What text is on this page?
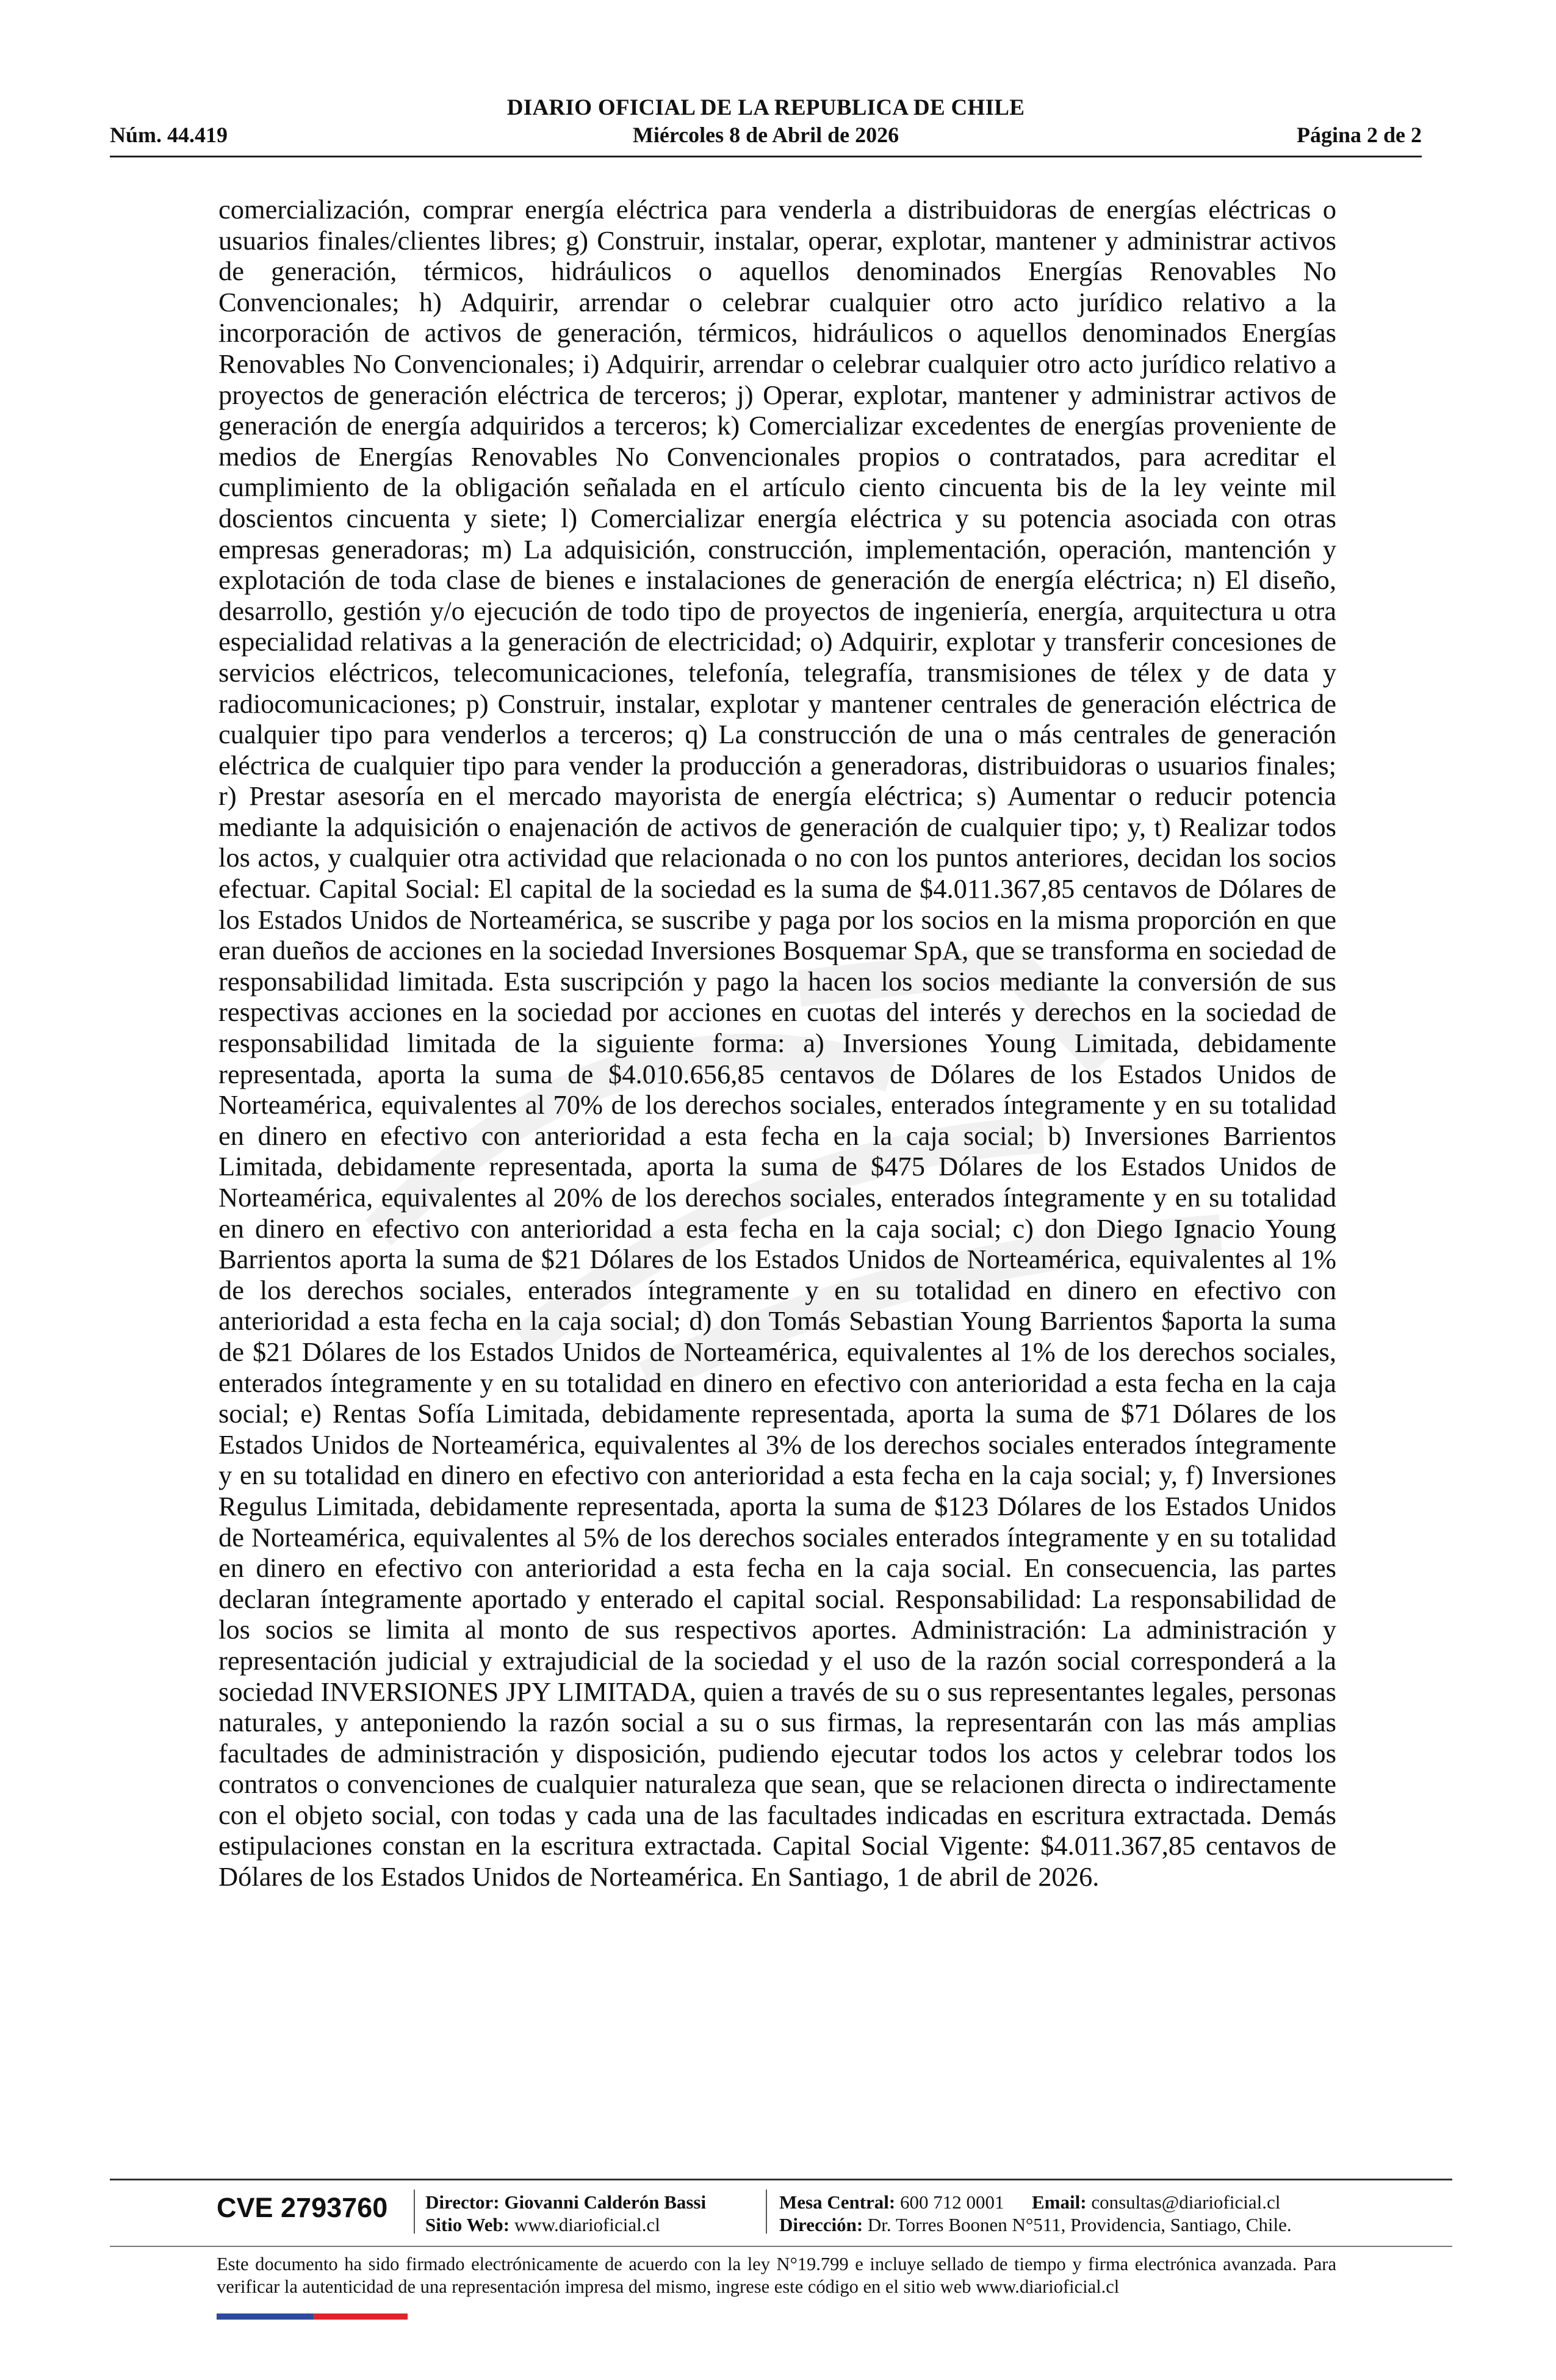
DIARIO OFICIAL DE LA REPUBLICA DE CHILE
Núm. 44.419	Miércoles 8 de Abril de 2026	Página 2 de 2
comercialización, comprar energía eléctrica para venderla a distribuidoras de energías eléctricas o usuarios finales/clientes libres; g) Construir, instalar, operar, explotar, mantener y administrar activos de generación, térmicos, hidráulicos o aquellos denominados Energías Renovables No Convencionales; h) Adquirir, arrendar o celebrar cualquier otro acto jurídico relativo a la incorporación de activos de generación, térmicos, hidráulicos o aquellos denominados Energías Renovables No Convencionales; i) Adquirir, arrendar o celebrar cualquier otro acto jurídico relativo a proyectos de generación eléctrica de terceros; j) Operar, explotar, mantener y administrar activos de generación de energía adquiridos a terceros; k) Comercializar excedentes de energías proveniente de medios de Energías Renovables No Convencionales propios o contratados, para acreditar el cumplimiento de la obligación señalada en el artículo ciento cincuenta bis de la ley veinte mil doscientos cincuenta y siete; l) Comercializar energía eléctrica y su potencia asociada con otras empresas generadoras; m) La adquisición, construcción, implementación, operación, mantención y explotación de toda clase de bienes e instalaciones de generación de energía eléctrica; n) El diseño, desarrollo, gestión y/o ejecución de todo tipo de proyectos de ingeniería, energía, arquitectura u otra especialidad relativas a la generación de electricidad; o) Adquirir, explotar y transferir concesiones de servicios eléctricos, telecomunicaciones, telefonía, telegrafía, transmisiones de télex y de data y radiocomunicaciones; p) Construir, instalar, explotar y mantener centrales de generación eléctrica de cualquier tipo para venderlos a terceros; q) La construcción de una o más centrales de generación eléctrica de cualquier tipo para vender la producción a generadoras, distribuidoras o usuarios finales; r) Prestar asesoría en el mercado mayorista de energía eléctrica; s) Aumentar o reducir potencia mediante la adquisición o enajenación de activos de generación de cualquier tipo; y, t) Realizar todos los actos, y cualquier otra actividad que relacionada o no con los puntos anteriores, decidan los socios efectuar. Capital Social: El capital de la sociedad es la suma de $4.011.367,85 centavos de Dólares de los Estados Unidos de Norteamérica, se suscribe y paga por los socios en la misma proporción en que eran dueños de acciones en la sociedad Inversiones Bosquemar SpA, que se transforma en sociedad de responsabilidad limitada. Esta suscripción y pago la hacen los socios mediante la conversión de sus respectivas acciones en la sociedad por acciones en cuotas del interés y derechos en la sociedad de responsabilidad limitada de la siguiente forma: a) Inversiones Young Limitada, debidamente representada, aporta la suma de $4.010.656,85 centavos de Dólares de los Estados Unidos de Norteamérica, equivalentes al 70% de los derechos sociales, enterados íntegramente y en su totalidad en dinero en efectivo con anterioridad a esta fecha en la caja social; b) Inversiones Barrientos Limitada, debidamente representada, aporta la suma de $475 Dólares de los Estados Unidos de Norteamérica, equivalentes al 20% de los derechos sociales, enterados íntegramente y en su totalidad en dinero en efectivo con anterioridad a esta fecha en la caja social; c) don Diego Ignacio Young Barrientos aporta la suma de $21 Dólares de los Estados Unidos de Norteamérica, equivalentes al 1% de los derechos sociales, enterados íntegramente y en su totalidad en dinero en efectivo con anterioridad a esta fecha en la caja social; d) don Tomás Sebastian Young Barrientos $aporta la suma de $21 Dólares de los Estados Unidos de Norteamérica, equivalentes al 1% de los derechos sociales, enterados íntegramente y en su totalidad en dinero en efectivo con anterioridad a esta fecha en la caja social; e) Rentas Sofía Limitada, debidamente representada, aporta la suma de $71 Dólares de los Estados Unidos de Norteamérica, equivalentes al 3% de los derechos sociales enterados íntegramente y en su totalidad en dinero en efectivo con anterioridad a esta fecha en la caja social; y, f) Inversiones Regulus Limitada, debidamente representada, aporta la suma de $123 Dólares de los Estados Unidos de Norteamérica, equivalentes al 5% de los derechos sociales enterados íntegramente y en su totalidad en dinero en efectivo con anterioridad a esta fecha en la caja social. En consecuencia, las partes declaran íntegramente aportado y enterado el capital social. Responsabilidad: La responsabilidad de los socios se limita al monto de sus respectivos aportes. Administración: La administración y representación judicial y extrajudicial de la sociedad y el uso de la razón social corresponderá a la sociedad INVERSIONES JPY LIMITADA, quien a través de su o sus representantes legales, personas naturales, y anteponiendo la razón social a su o sus firmas, la representarán con las más amplias facultades de administración y disposición, pudiendo ejecutar todos los actos y celebrar todos los contratos o convenciones de cualquier naturaleza que sean, que se relacionen directa o indirectamente con el objeto social, con todas y cada una de las facultades indicadas en escritura extractada. Demás estipulaciones constan en la escritura extractada. Capital Social Vigente: $4.011.367,85 centavos de Dólares de los Estados Unidos de Norteamérica. En Santiago, 1 de abril de 2026.
CVE 2793760	Director: Giovanni Calderón Bassi
Sitio Web: www.diarioficial.cl
Mesa Central: 600 712 0001 Email: consultas@diarioficial.cl
Dirección: Dr. Torres Boonen N°511, Providencia, Santiago, Chile.
Este documento ha sido firmado electrónicamente de acuerdo con la ley N°19.799 e incluye sellado de tiempo y firma electrónica avanzada. Para verificar la autenticidad de una representación impresa del mismo, ingrese este código en el sitio web www.diarioficial.cl
